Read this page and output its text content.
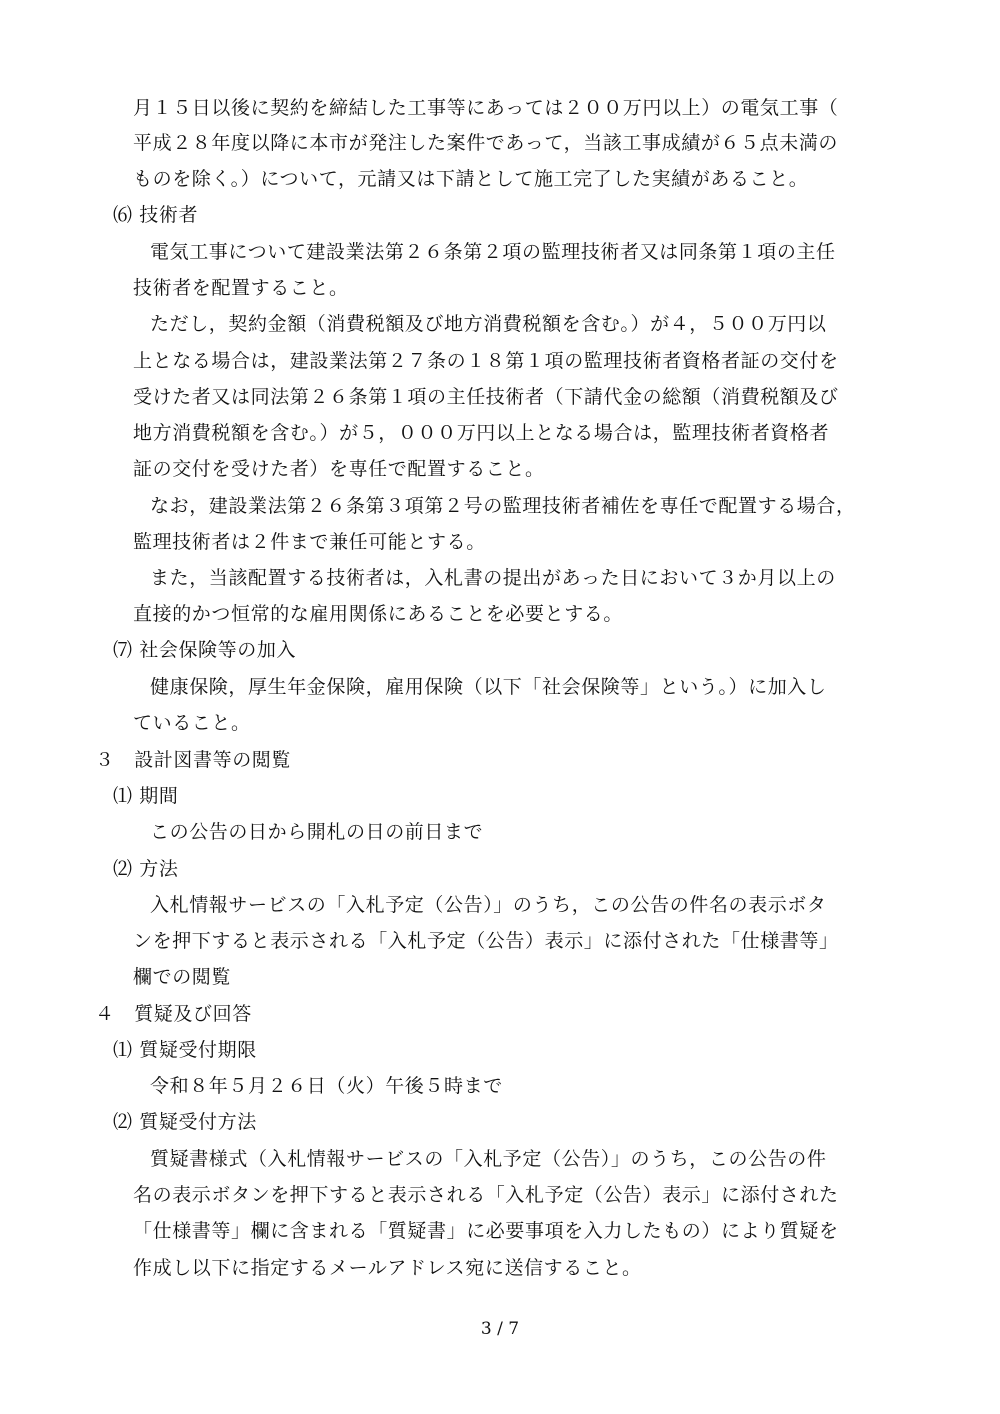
月１５日以後に契約を締結した工事等にあっては２００万円以上）の電気工事（
平成２８年度以降に本市が発注した案件であって，当該工事成績が６５点未満の
ものを除く。）について，元請又は下請として施工完了した実績があること。
⑹ 技術者
電気工事について建設業法第２６条第２項の監理技術者又は同条第１項の主任
技術者を配置すること。
ただし，契約金額（消費税額及び地方消費税額を含む。）が４，５００万円以
上となる場合は，建設業法第２７条の１８第１項の監理技術者資格者証の交付を
受けた者又は同法第２６条第１項の主任技術者（下請代金の総額（消費税額及び
地方消費税額を含む。）が５，０００万円以上となる場合は，監理技術者資格者
証の交付を受けた者）を専任で配置すること。
なお，建設業法第２６条第３項第２号の監理技術者補佐を専任で配置する場合，
監理技術者は２件まで兼任可能とする。
また，当該配置する技術者は，入札書の提出があった日において３か月以上の
直接的かつ恒常的な雇用関係にあることを必要とする。
⑺ 社会保険等の加入
健康保険，厚生年金保険，雇用保険（以下「社会保険等」という。）に加入し
ていること。
３　設計図書等の閲覧
⑴ 期間
この公告の日から開札の日の前日まで
⑵ 方法
入札情報サービスの「入札予定（公告）」のうち，この公告の件名の表示ボタ
ンを押下すると表示される「入札予定（公告）表示」に添付された「仕様書等」
欄での閲覧
４　質疑及び回答
⑴ 質疑受付期限
令和８年５月２６日（火）午後５時まで
⑵ 質疑受付方法
質疑書様式（入札情報サービスの「入札予定（公告）」のうち，この公告の件
名の表示ボタンを押下すると表示される「入札予定（公告）表示」に添付された
「仕様書等」欄に含まれる「質疑書」に必要事項を入力したもの）により質疑を
作成し以下に指定するメールアドレス宛に送信すること。
3 / 7
